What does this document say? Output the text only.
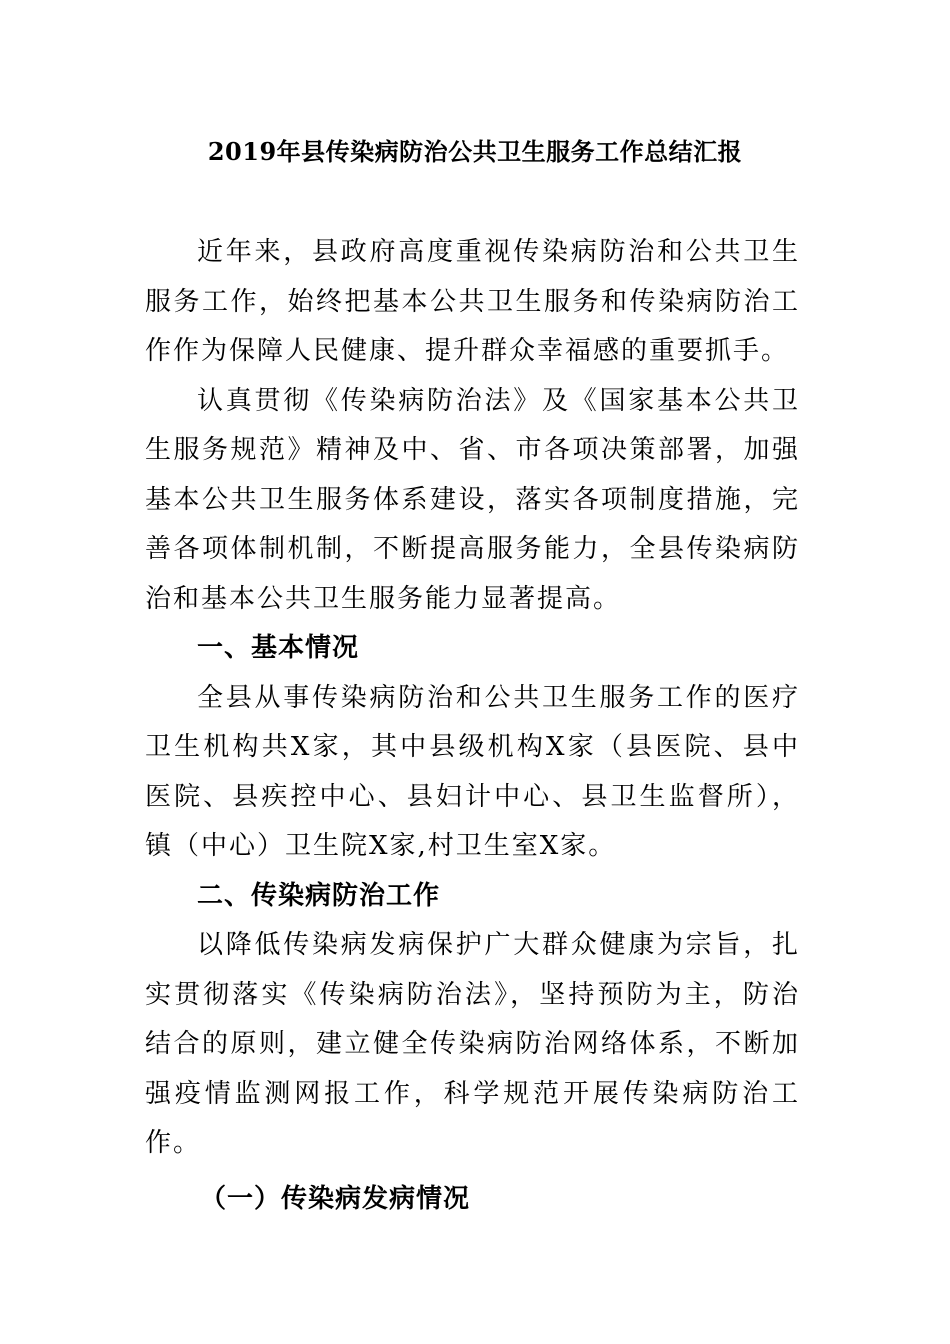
2019年县传染病防治公共卫生服务工作总结汇报

近年来，县政府高度重视传染病防治和公共卫生服务工作，始终把基本公共卫生服务和传染病防治工作作为保障人民健康、提升群众幸福感的重要抓手。

认真贯彻《传染病防治法》及《国家基本公共卫生服务规范》精神及中、省、市各项决策部署，加强基本公共卫生服务体系建设，落实各项制度措施，完善各项体制机制，不断提高服务能力，全县传染病防治和基本公共卫生服务能力显著提高。

一、基本情况

全县从事传染病防治和公共卫生服务工作的医疗卫生机构共X家，其中县级机构X家（县医院、县中医院、县疾控中心、县妇计中心、县卫生监督所），镇（中心）卫生院X家,村卫生室X家。

二、传染病防治工作

以降低传染病发病保护广大群众健康为宗旨，扎实贯彻落实《传染病防治法》，坚持预防为主，防治结合的原则，建立健全传染病防治网络体系，不断加强疫情监测网报工作，科学规范开展传染病防治工作。

（一）传染病发病情况
